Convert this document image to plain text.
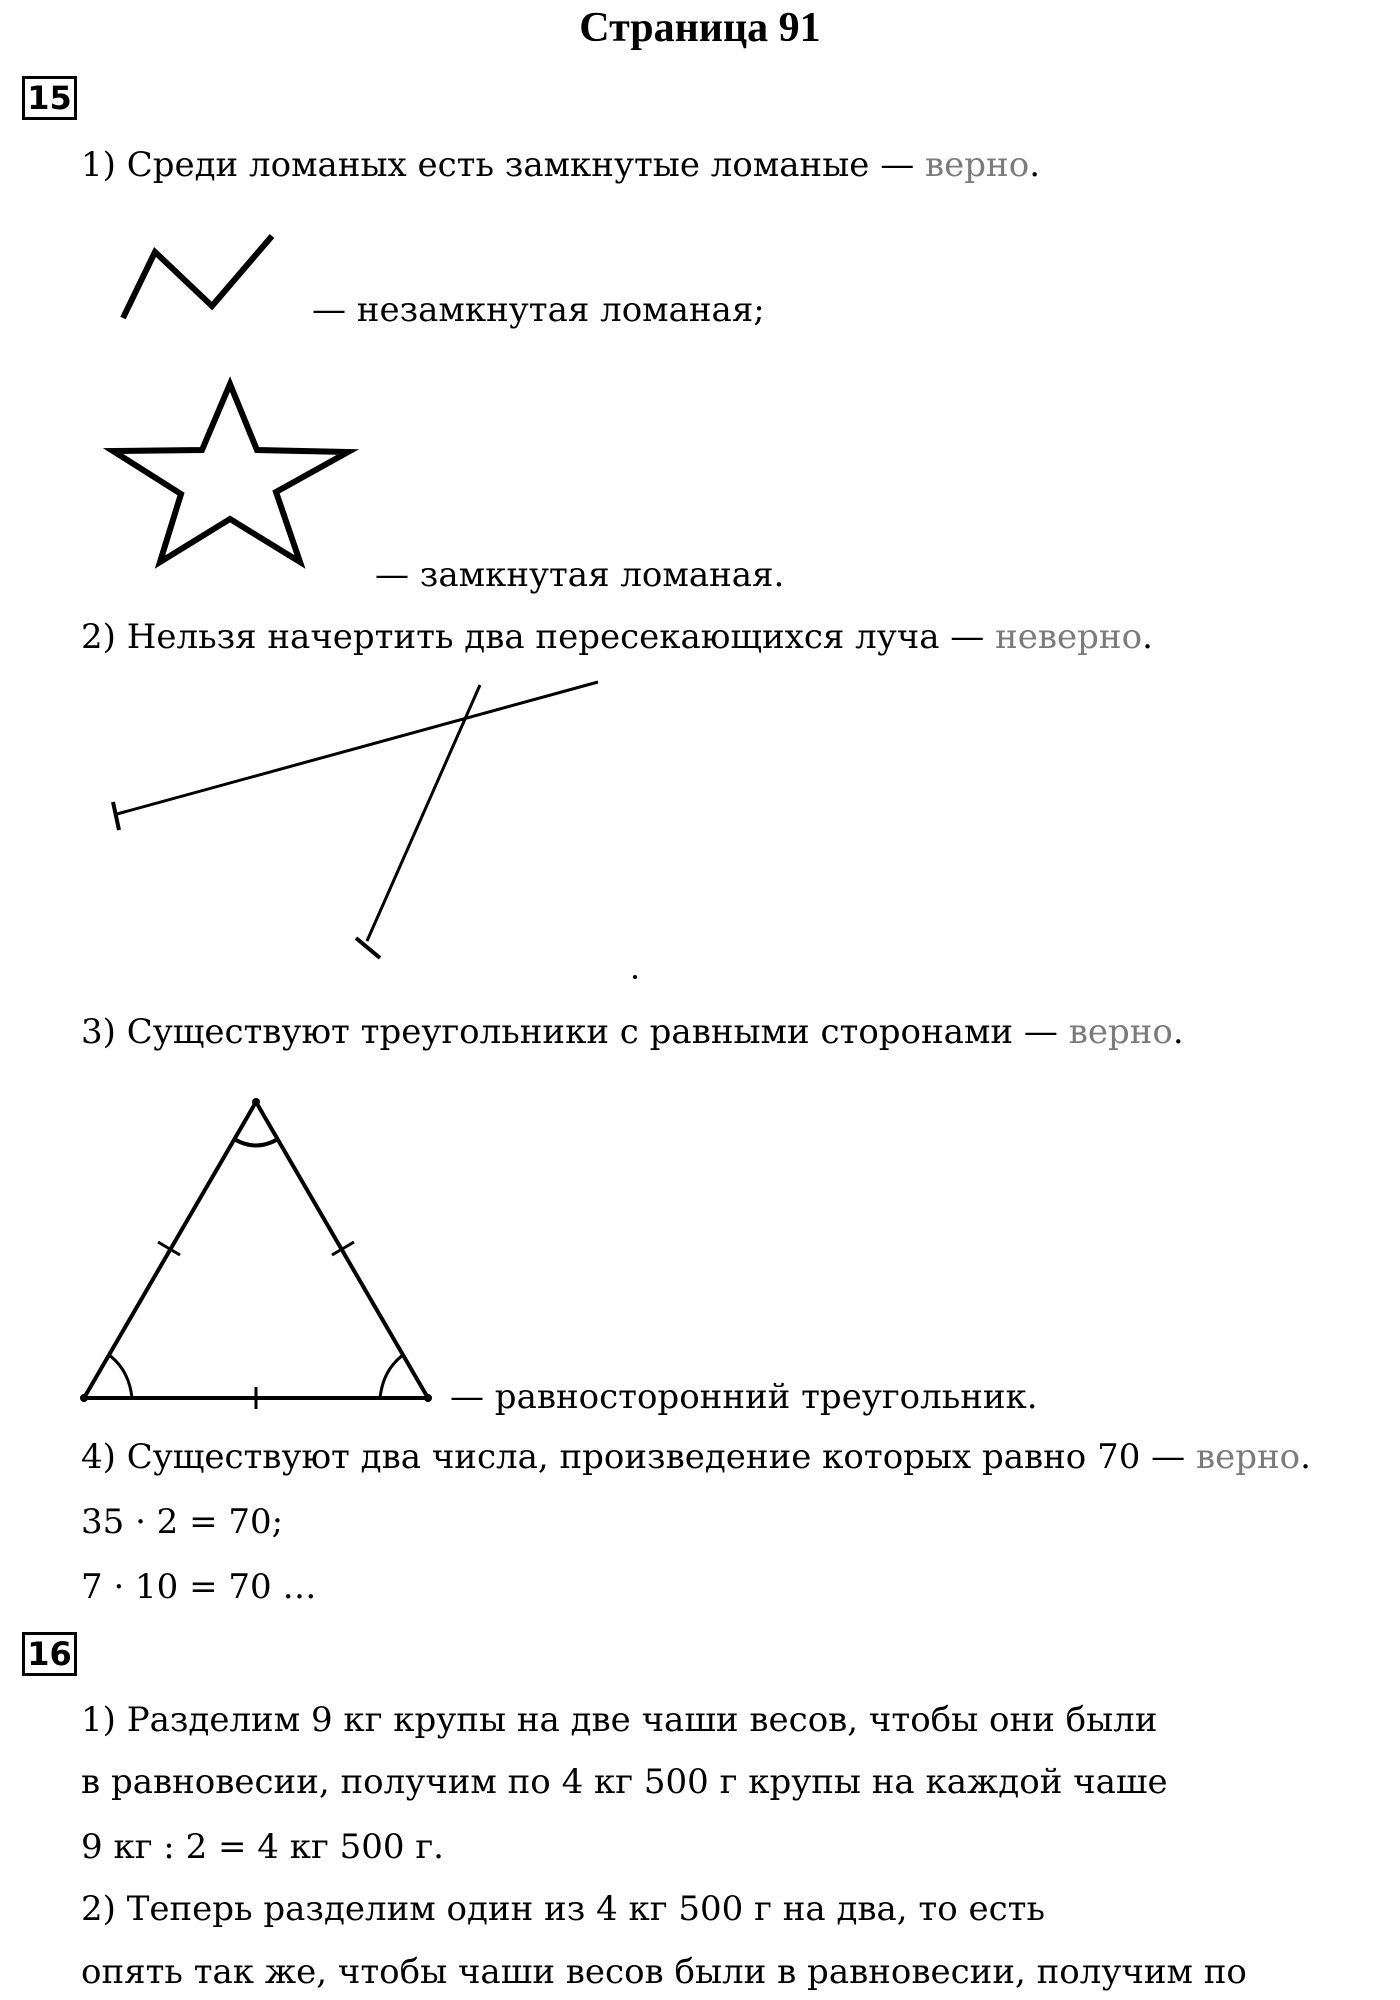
Страница 91
15
1) Среди ломаных есть замкнутые ломаные — верно.
— незамкнутая ломаная;
— замкнутая ломаная.
2) Нельзя начертить два пересекающихся луча — неверно.
3) Существуют треугольники с равными сторонами — верно.
— равносторонний треугольник.
4) Существуют два числа, произведение которых равно 70 — верно.
35 · 2 = 70;
7 · 10 = 70 …
16
1) Разделим 9 кг крупы на две чаши весов, чтобы они были
в равновесии, получим по 4 кг 500 г крупы на каждой чаше
9 кг : 2 = 4 кг 500 г.
2) Теперь разделим один из 4 кг 500 г на два, то есть
опять так же, чтобы чаши весов были в равновесии, получим по
